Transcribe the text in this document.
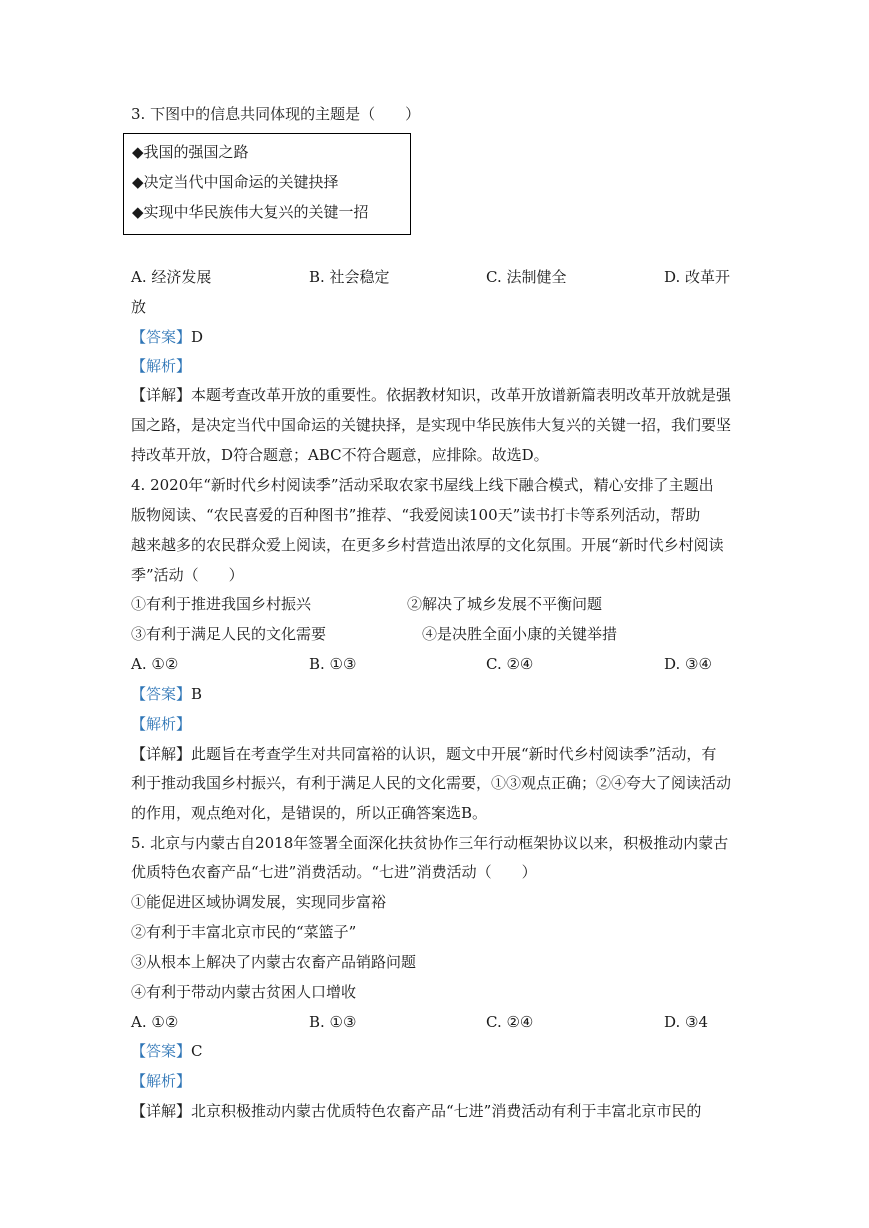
3. 下图中的信息共同体现的主题是（　　）
◆我国的强国之路
◆决定当代中国命运的关键抉择
◆实现中华民族伟大复兴的关键一招
A. 经济发展	B. 社会稳定	C. 法制健全	D. 改革开
放
【答案】D
【解析】
【详解】本题考查改革开放的重要性。依据教材知识，改革开放谱新篇表明改革开放就是强
国之路，是决定当代中国命运的关键抉择，是实现中华民族伟大复兴的关键一招，我们要坚
持改革开放，D符合题意；ABC不符合题意，应排除。故选D。
4. 2020年“新时代乡村阅读季”活动采取农家书屋线上线下融合模式，精心安排了主题出
版物阅读、“农民喜爱的百种图书”推荐、“我爱阅读100天”读书打卡等系列活动，帮助
越来越多的农民群众爱上阅读，在更多乡村营造出浓厚的文化氛围。开展“新时代乡村阅读
季”活动（　　）
①有利于推进我国乡村振兴	②解决了城乡发展不平衡问题
③有利于满足人民的文化需要	④是决胜全面小康的关键举措
A. ①②	B. ①③	C. ②④	D. ③④
【答案】B
【解析】
【详解】此题旨在考查学生对共同富裕的认识，题文中开展“新时代乡村阅读季”活动，有
利于推动我国乡村振兴，有利于满足人民的文化需要，①③观点正确；②④夸大了阅读活动
的作用，观点绝对化，是错误的，所以正确答案选B。
5. 北京与内蒙古自2018年签署全面深化扶贫协作三年行动框架协议以来，积极推动内蒙古
优质特色农畜产品“七进”消费活动。“七进”消费活动（　　）
①能促进区域协调发展，实现同步富裕
②有利于丰富北京市民的“菜篮子”
③从根本上解决了内蒙古农畜产品销路问题
④有利于带动内蒙古贫困人口增收
A. ①②	B. ①③	C. ②④	D. ③4
【答案】C
【解析】
【详解】北京积极推动内蒙古优质特色农畜产品“七进”消费活动有利于丰富北京市民的
